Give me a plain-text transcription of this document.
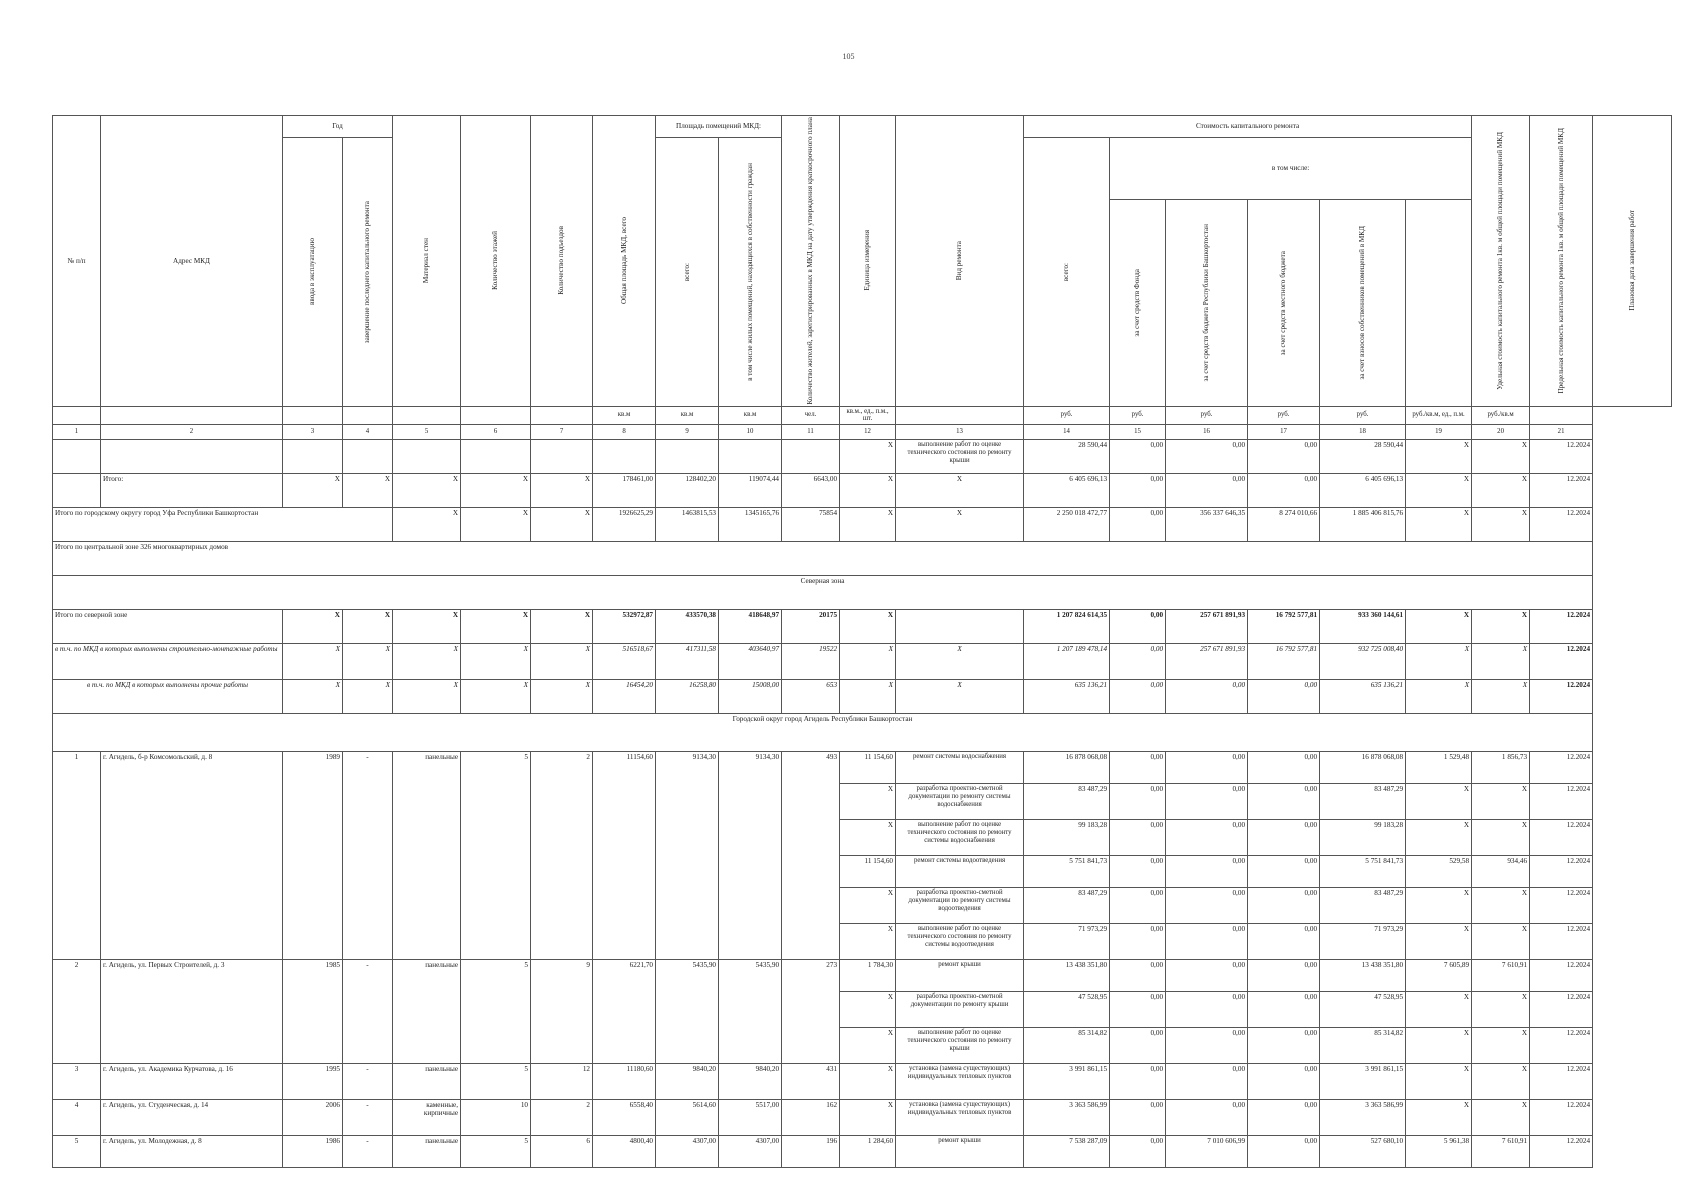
105
№ п/п	Адрес МКД	Год		Материал стен	Количество этажей	Количество подъездов	Общая площадь МКД, всего	Площадь помещений МКД:		Количество жителей, зарегистрированных в МКД на дату утверждения краткосрочного плана	Единица измерения	Вид ремонта	Стоимость капитального ремонта						Удельная стоимость капитального ремонта 1кв. м общей площади помещений МКД	Предельная стоимость капитального ремонта 1кв. м общей площади помещений МКД	Плановая дата завершения работ

		ввода в эксплуатацию	завершение последнего капитального ремонта					всего:	в том числе жилых помещений, находящихся в собственности граждан				всего:	в том числе:							

														за счет средств Фонда	за счет средств бюджета Республики Башкортостан	за счет средств местного бюджета	за счет взносов собственников помещений в МКД				

							кв.м	кв.м	кв.м	чел.	кв.м., ед., п.м., шт.		руб.	руб.	руб.	руб.	руб.	руб./кв.м, ед., п.м.	руб./кв.м		
1	2	3	4	5	6	7	8	9	10	11	12	13	14	15	16	17	18	19	20	21	
											X	выполнение работ по оценке технического состояния по ремонту крыши	28 590,44	0,00	0,00	0,00	28 590,44	X	X	12.2024	
	Итого:	X	X	X	X	X	178461,00	128402,20	119074,44	6643,00	X	X	6 405 696,13	0,00	0,00	0,00	6 405 696,13	X	X	12.2024	
Итого по городскому округу город Уфа Республики Башкортостан				X	X	X	1926625,29	1463815,53	1345165,76	75854	X	X	2 250 018 472,77	0,00	356 337 646,35	8 274 010,66	1 885 406 815,76	X	X	12.2024	
Итого по центральной зоне 326 многоквартирных домов																					
Северная зона																					
Итого по северной зоне		X	X	X	X	X	532972,87	433570,38	418648,97	20175	X		1 207 824 614,35	0,00	257 671 891,93	16 792 577,81	933 360 144,61	X	X	12.2024	
в т.ч. по МКД в которых выполнены строительно-монтажные работы		X	X	X	X	X	516518,67	417311,58	403640,97	19522	X	X	1 207 189 478,14	0,00	257 671 891,93	16 792 577,81	932 725 008,40	X	X	12.2024	
в т.ч. по МКД в которых выполнены прочие работы		X	X	X	X	X	16454,20	16258,80	15008,00	653	X	X	635 136,21	0,00	0,00	0,00	635 136,21	X	X	12.2024	
Городской округ город Агидель Республики Башкортостан																					
1	г. Агидель, б-р Комсомольский, д. 8	1989	-	панельные	5	2	11154,60	9134,30	9134,30	493	11 154,60	ремонт системы водоснабжения	16 878 068,08	0,00	0,00	0,00	16 878 068,08	1 529,48	1 856,73	12.2024	
											X	разработка проектно-сметной документации по ремонту системы водоснабжения	83 487,29	0,00	0,00	0,00	83 487,29	X	X	12.2024	
											X	выполнение работ по оценке технического состояния по ремонту системы водоснабжения	99 183,28	0,00	0,00	0,00	99 183,28	X	X	12.2024	
											11 154,60	ремонт системы водоотведения	5 751 841,73	0,00	0,00	0,00	5 751 841,73	529,58	934,46	12.2024	
											X	разработка проектно-сметной документации по ремонту системы водоотведения	83 487,29	0,00	0,00	0,00	83 487,29	X	X	12.2024	
											X	выполнение работ по оценке технического состояния по ремонту системы водоотведения	71 973,29	0,00	0,00	0,00	71 973,29	X	X	12.2024	
2	г. Агидель, ул. Первых Строителей, д. 3	1985	-	панельные	5	9	6221,70	5435,90	5435,90	273	1 784,30	ремонт крыши	13 438 351,80	0,00	0,00	0,00	13 438 351,80	7 605,89	7 610,91	12.2024	
											X	разработка проектно-сметной документации по ремонту крыши	47 528,95	0,00	0,00	0,00	47 528,95	X	X	12.2024	
											X	выполнение работ по оценке технического состояния по ремонту крыши	85 314,82	0,00	0,00	0,00	85 314,82	X	X	12.2024	
3	г. Агидель, ул. Академика Курчатова, д. 16	1995	-	панельные	5	12	11180,60	9840,20	9840,20	431	X	установка (замена существующих) индивидуальных тепловых пунктов	3 991 861,15	0,00	0,00	0,00	3 991 861,15	X	X	12.2024	
4	г. Агидель, ул. Студенческая, д. 14	2006	-	каменные, кирпичные	10	2	6558,40	5614,60	5517,00	162	X	установка (замена существующих) индивидуальных тепловых пунктов	3 363 586,99	0,00	0,00	0,00	3 363 586,99	X	X	12.2024	
5	г. Агидель, ул. Молодежная, д. 8	1986	-	панельные	5	6	4800,40	4307,00	4307,00	196	1 284,60	ремонт крыши	7 538 287,09	0,00	7 010 606,99	0,00	527 680,10	5 961,38	7 610,91	12.2024	
